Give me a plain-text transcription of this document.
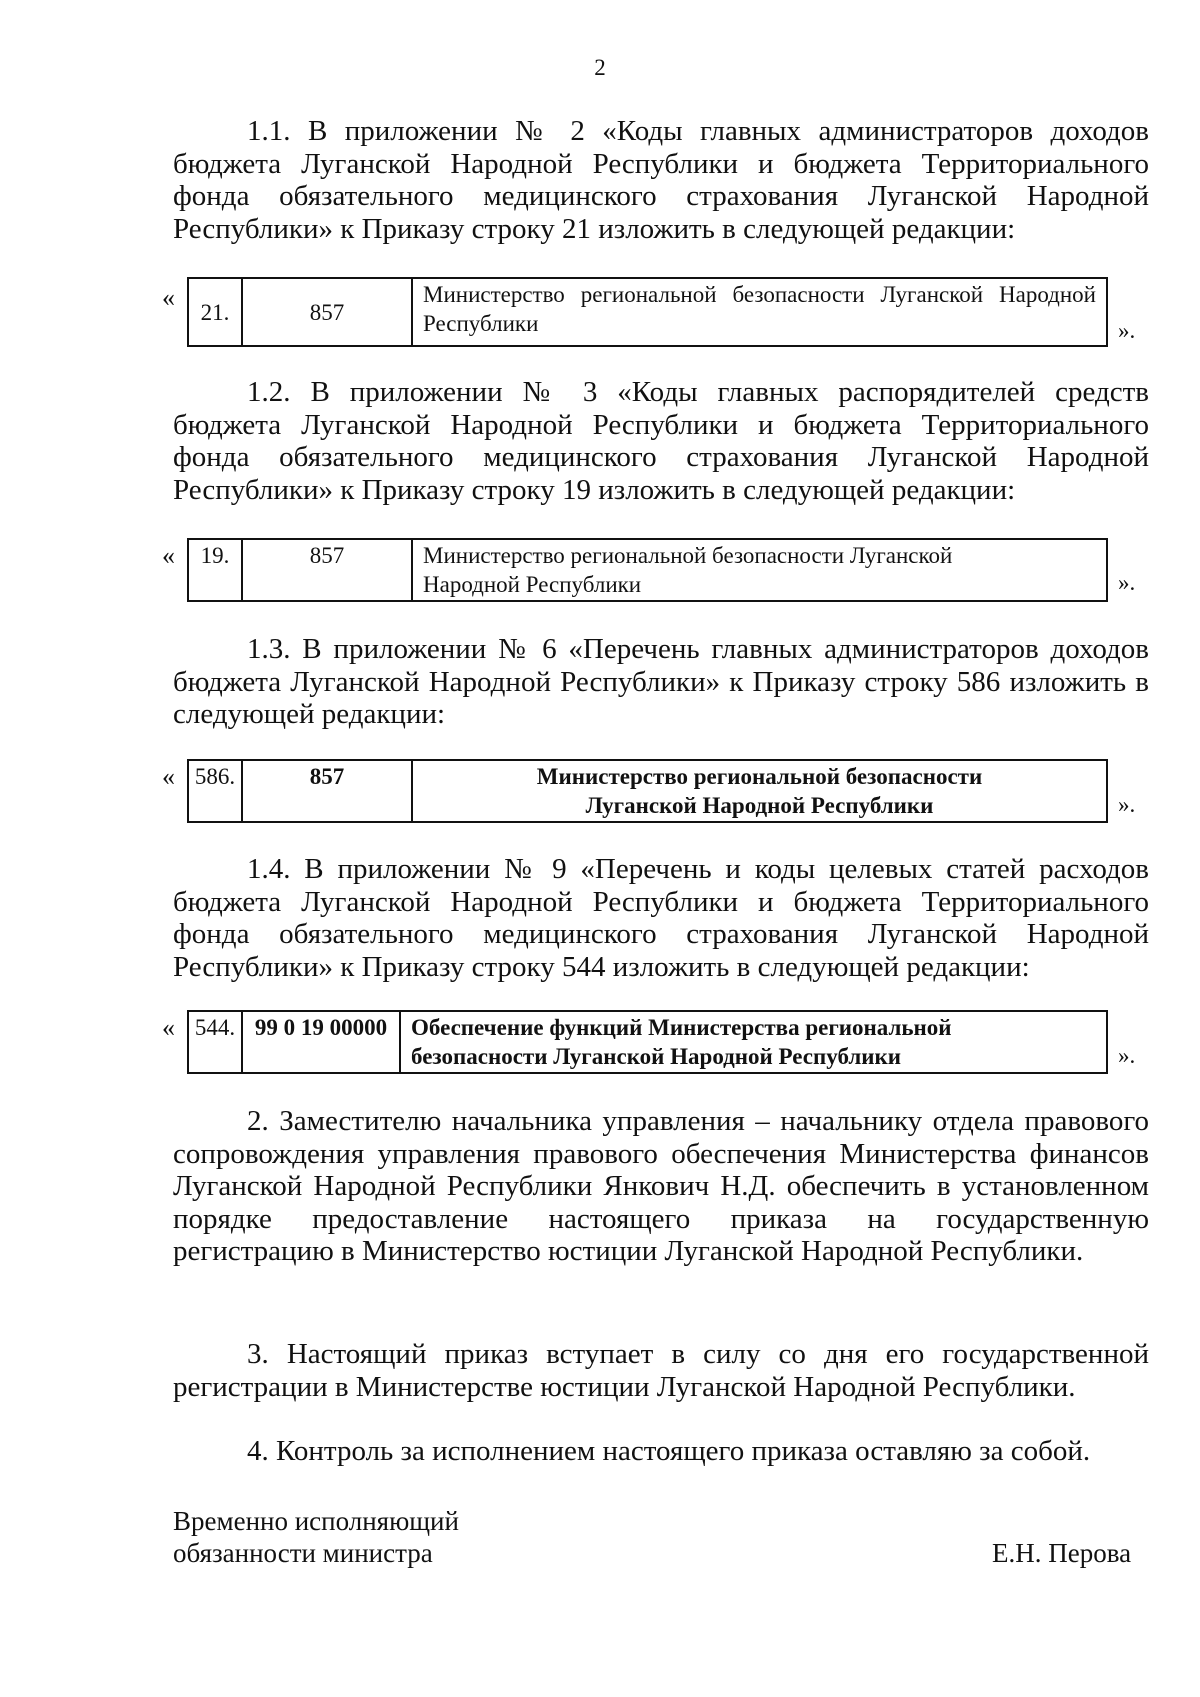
2

1.1. В приложении № 2 «Коды главных администраторов доходов бюджета Луганской Народной Республики и бюджета Территориального фонда обязательного медицинского страхования Луганской Народной Республики» к Приказу строку 21 изложить в следующей редакции:

« 21.	857	Министерство региональной безопасности Луганской Народной Республики	».

1.2. В приложении № 3 «Коды главных распорядителей средств бюджета Луганской Народной Республики и бюджета Территориального фонда обязательного медицинского страхования Луганской Народной Республики» к Приказу строку 19 изложить в следующей редакции:

« 19.	857	Министерство региональной безопасности Луганской
Народной Республики	».

1.3. В приложении № 6 «Перечень главных администраторов доходов бюджета Луганской Народной Республики» к Приказу строку 586 изложить в следующей редакции:

« 586.	857	Министерство региональной безопасности
Луганской Народной Республики	».

1.4. В приложении № 9 «Перечень и коды целевых статей расходов бюджета Луганской Народной Республики и бюджета Территориального фонда обязательного медицинского страхования Луганской Народной Республики» к Приказу строку 544 изложить в следующей редакции:

« 544.	99 0 19 00000	Обеспечение функций Министерства региональной
безопасности Луганской Народной Республики	».

2. Заместителю начальника управления – начальнику отдела правового сопровождения управления правового обеспечения Министерства финансов Луганской Народной Республики Янкович Н.Д. обеспечить в установленном порядке предоставление настоящего приказа на государственную регистрацию в Министерство юстиции Луганской Народной Республики.

3. Настоящий приказ вступает в силу со дня его государственной регистрации в Министерстве юстиции Луганской Народной Республики.

4. Контроль за исполнением настоящего приказа оставляю за собой.

Временно исполняющий
обязанности министра	Е.Н. Перова
